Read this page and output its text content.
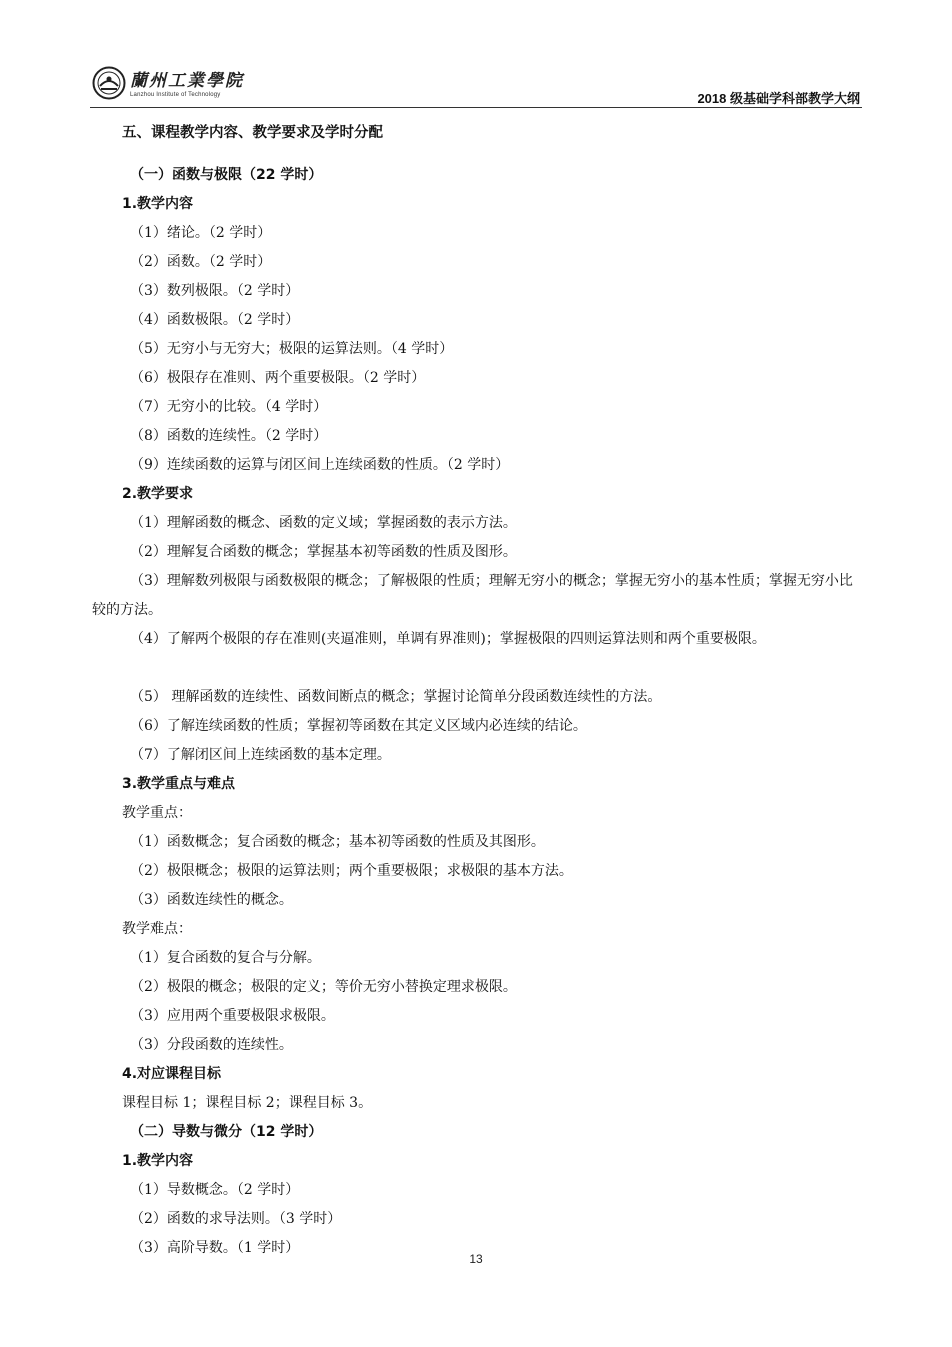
蘭州工業學院
Lanzhou Institute of Technology	2018 级基础学科部教学大纲
五、课程教学内容、教学要求及学时分配
（一）函数与极限（22 学时）
1.教学内容
（1）绪论。（2 学时）
（2）函数。（2 学时）
（3）数列极限。（2 学时）
（4）函数极限。（2 学时）
（5）无穷小与无穷大；极限的运算法则。（4 学时）
（6）极限存在准则、两个重要极限。（2 学时）
（7）无穷小的比较。（4 学时）
（8）函数的连续性。（2 学时）
（9）连续函数的运算与闭区间上连续函数的性质。（2 学时）
2.教学要求
（1）理解函数的概念、函数的定义域；掌握函数的表示方法。
（2）理解复合函数的概念；掌握基本初等函数的性质及图形。
（3）理解数列极限与函数极限的概念；了解极限的性质；理解无穷小的概念；掌握无穷小的基本性质；掌握无穷小比较的方法。
（4）了解两个极限的存在准则(夹逼准则，单调有界准则)；掌握极限的四则运算法则和两个重要极限。
（5） 理解函数的连续性、函数间断点的概念；掌握讨论简单分段函数连续性的方法。
（6）了解连续函数的性质；掌握初等函数在其定义区域内必连续的结论。
（7）了解闭区间上连续函数的基本定理。
3.教学重点与难点
教学重点：
（1）函数概念；复合函数的概念；基本初等函数的性质及其图形。
（2）极限概念；极限的运算法则；两个重要极限；求极限的基本方法。
（3）函数连续性的概念。
教学难点：
（1）复合函数的复合与分解。
（2）极限的概念；极限的定义；等价无穷小替换定理求极限。
（3）应用两个重要极限求极限。
（3）分段函数的连续性。
4.对应课程目标
课程目标 1；课程目标 2；课程目标 3。
（二）导数与微分（12 学时）
1.教学内容
（1）导数概念。（2 学时）
（2）函数的求导法则。（3 学时）
（3）高阶导数。（1 学时）
13
